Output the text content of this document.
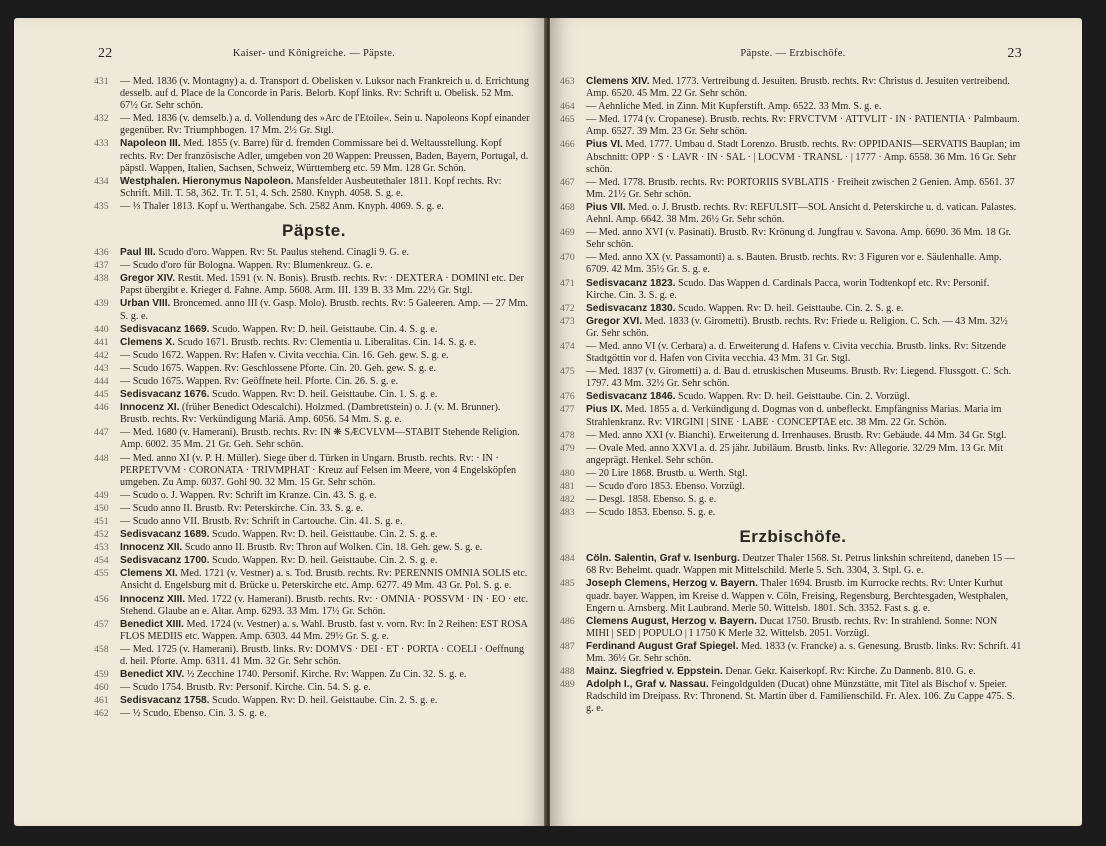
22	Kaiser- und Königreiche. — Päpste.
431 — Med. 1836 (v. Montagny) a. d. Transport d. Obelisken v. Luksor nach Frankreich u. d. Errichtung desselb. auf d. Place de la Concorde in Paris. Belorb. Kopf links. Rv: Schrift u. Obelisk. 52 Mm. 67½ Gr. Sehr schön.
432 — Med. 1836 (v. demselb.) a. d. Vollendung des »Arc de l'Etoile«. Sein u. Napoleons Kopf einander gegenüber. Rv: Triumphbogen. 17 Mm. 2½ Gr. Stgl.
433 Napoleon III. Med. 1855 (v. Barre) für d. fremden Commissare bei d. Weltausstellung. Kopf rechts. Rv: Der französische Adler, umgeben von 20 Wappen: Preussen, Baden, Bayern, Portugal, d. päpstl. Wappen, Italien, Sachsen, Schweiz, Württemberg etc. 59 Mm. 128 Gr. Schön.
434 Westphalen. Hieronymus Napoleon. Mansfelder Ausbeutethaler 1811. Kopf rechts. Rv: Schrift. Mill. T. 58, 362. Tr. T. 51, 4. Sch. 2580. Knyph. 4058. S. g. e.
435 — ⅓ Thaler 1813. Kopf u. Werthangabe. Sch. 2582 Anm. Knyph. 4069. S. g. e.
Päpste.
436 Paul III. Scudo d'oro. Wappen. Rv: St. Paulus stehend. Cinagli 9. G. e.
437 — Scudo d'oro für Bologna. Wappen. Rv: Blumenkreuz. G. e.
438 Gregor XIV. Restit. Med. 1591 (v. N. Bonis). Brustb. rechts. Rv: · DEXTERA · DOMINI etc. Der Papst übergibt e. Krieger d. Fahne. Amp. 5608. Arm. III. 139 B. 33 Mm. 22½ Gr. Stgl.
439 Urban VIII. Broncemed. anno III (v. Gasp. Molo). Brustb. rechts. Rv: 5 Galeeren. Amp. — 27 Mm. S. g. e.
440 Sedisvacanz 1669. Scudo. Wappen. Rv: D. heil. Geisttaube. Cin. 4. S. g. e.
441 Clemens X. Scudo 1671. Brustb. rechts. Rv: Clementia u. Liberalitas. Cin. 14. S. g. e.
442 — Scudo 1672. Wappen. Rv: Hafen v. Civita vecchia. Cin. 16. Geh. gew. S. g. e.
443 — Scudo 1675. Wappen. Rv: Geschlossene Pforte. Cin. 20. Geh. gew. S. g. e.
444 — Scudo 1675. Wappen. Rv: Geöffnete heil. Pforte. Cin. 26. S. g. e.
445 Sedisvacanz 1676. Scudo. Wappen. Rv: D. heil. Geisttaube. Cin. 1. S. g. e.
446 Innocenz XI. (früher Benedict Odescalchi). Holzmed. (Dambrettstein) o. J. (v. M. Brunner). Brustb. rechts. Rv: Verkündigung Mariä. Amp. 6056. 54 Mm. S. g. e.
447 — Med. 1680 (v. Hamerani). Brustb. rechts. Rv: IN ❋ SÆCVLVM—STABIT Stehende Religion. Amp. 6002. 35 Mm. 21 Gr. Geh. Sehr schön.
448 — Med. anno XI (v. P. H. Müller). Siege über d. Türken in Ungarn. Brustb. rechts. Rv: · IN · PERPETVVM · CORONATA · TRIVMPHAT · Kreuz auf Felsen im Meere, von 4 Engelsköpfen umgeben. Zu Amp. 6037. Gohl 90. 32 Mm. 15 Gr. Sehr schön.
449 — Scudo o. J. Wappen. Rv: Schrift im Kranze. Cin. 43. S. g. e.
450 — Scudo anno II. Brustb. Rv: Peterskirche. Cin. 33. S. g. e.
451 — Scudo anno VII. Brustb. Rv: Schrift in Cartouche. Cin. 41. S. g. e.
452 Sedisvacanz 1689. Scudo. Wappen. Rv: D. heil. Geisttaube. Cin. 2. S. g. e.
453 Innocenz XII. Scudo anno II. Brustb. Rv: Thron auf Wolken. Cin. 18. Geh. gew. S. g. e.
454 Sedisvacanz 1700. Scudo. Wappen. Rv: D. heil. Geisttaube. Cin. 2. S. g. e.
455 Clemens XI. Med. 1721 (v. Vestner) a. s. Tod. Brustb. rechts. Rv: PERENNIS OMNIA SOLIS etc. Ansicht d. Engelsburg mit d. Brücke u. Peterskirche etc. Amp. 6277. 49 Mm. 43 Gr. Pol. S. g. e.
456 Innocenz XIII. Med. 1722 (v. Hamerani). Brustb. rechts. Rv: · OMNIA · POSSVM · IN · EO · etc. Stehend. Glaube an e. Altar. Amp. 6293. 33 Mm. 17½ Gr. Schön.
457 Benedict XIII. Med. 1724 (v. Vestner) a. s. Wahl. Brustb. fast v. vorn. Rv: In 2 Reihen: EST ROSA FLOS MEDIIS etc. Wappen. Amp. 6303. 44 Mm. 29½ Gr. S. g. e.
458 — Med. 1725 (v. Hamerani). Brustb. links. Rv: DOMVS · DEI · ET · PORTA · COELI · Oeffnung d. heil. Pforte. Amp. 6311. 41 Mm. 32 Gr. Sehr schön.
459 Benedict XIV. ½ Zecchine 1740. Personif. Kirche. Rv: Wappen. Zu Cin. 32. S. g. e.
460 — Scudo 1754. Brustb. Rv: Personif. Kirche. Cin. 54. S. g. e.
461 Sedisvacanz 1758. Scudo. Wappen. Rv: D. heil. Geisttaube. Cin. 2. S. g. e.
462 — ½ Scudo. Ebenso. Cin. 3. S. g. e.
Päpste. — Erzbischöfe.	23
463 Clemens XIV. Med. 1773. Vertreibung d. Jesuiten. Brustb. rechts. Rv: Christus d. Jesuiten vertreibend. Amp. 6520. 45 Mm. 22 Gr. Sehr schön.
464 — Aehnliche Med. in Zinn. Mit Kupferstift. Amp. 6522. 33 Mm. S. g. e.
465 — Med. 1774 (v. Cropanese). Brustb. rechts. Rv: FRVCTVM · ATTVLIT · IN · PATIENTIA · Palmbaum. Amp. 6527. 39 Mm. 23 Gr. Sehr schön.
466 Pius VI. Med. 1777. Umbau d. Stadt Lorenzo. Brustb. rechts. Rv: OPPIDANIS—SERVATIS Bauplan; im Abschnitt: OPP · S · LAVR · IN · SAL · | LOCVM · TRANSL · | 1777 · Amp. 6558. 36 Mm. 16 Gr. Sehr schön.
467 — Med. 1778. Brustb. rechts. Rv: PORTORIIS SVBLATIS · Freiheit zwischen 2 Genien. Amp. 6561. 37 Mm. 21½ Gr. Sehr schön.
468 Pius VII. Med. o. J. Brustb. rechts. Rv: REFULSIT—SOL Ansicht d. Peterskirche u. d. vatican. Palastes. Aehnl. Amp. 6642. 38 Mm. 26½ Gr. Sehr schön.
469 — Med. anno XVI (v. Pasinati). Brustb. Rv: Krönung d. Jungfrau v. Savona. Amp. 6690. 36 Mm. 18 Gr. Sehr schön.
470 — Med. anno XX (v. Passamonti) a. s. Bauten. Brustb. rechts. Rv: 3 Figuren vor e. Säulenhalle. Amp. 6709. 42 Mm. 35½ Gr. S. g. e.
471 Sedisvacanz 1823. Scudo. Das Wappen d. Cardinals Pacca, worin Todtenkopf etc. Rv: Personif. Kirche. Cin. 3. S. g. e.
472 Sedisvacanz 1830. Scudo. Wappen. Rv: D. heil. Geisttaube. Cin. 2. S. g. e.
473 Gregor XVI. Med. 1833 (v. Girometti). Brustb. rechts. Rv: Friede u. Religion. C. Sch. — 43 Mm. 32½ Gr. Sehr schön.
474 — Med. anno VI (v. Cerbara) a. d. Erweiterung d. Hafens v. Civita vecchia. Brustb. links. Rv: Sitzende Stadtgöttin vor d. Hafen von Civita vecchia. 43 Mm. 31 Gr. Stgl.
475 — Med. 1837 (v. Girometti) a. d. Bau d. etruskischen Museums. Brustb. Rv: Liegend. Flussgott. C. Sch. 1797. 43 Mm. 32½ Gr. Sehr schön.
476 Sedisvacanz 1846. Scudo. Wappen. Rv: D. heil. Geisttaube. Cin. 2. Vorzügl.
477 Pius IX. Med. 1855 a. d. Verkündigung d. Dogmas von d. unbefleckt. Empfängniss Marias. Maria im Strahlenkranz. Rv: VIRGINI | SINE · LABE · CONCEPTAE etc. 38 Mm. 22 Gr. Schön.
478 — Med. anno XXI (v. Bianchi). Erweiterung d. Irrenhauses. Brustb. Rv: Gebäude. 44 Mm. 34 Gr. Stgl.
479 — Ovale Med. anno XXVI a. d. 25 jähr. Jubiläum. Brustb. links. Rv: Allegorie. 32/29 Mm. 13 Gr. Mit angeprägt. Henkel. Sehr schön.
480 — 20 Lire 1868. Brustb. u. Werth. Stgl.
481 — Scudo d'oro 1853. Ebenso. Vorzügl.
482 — Desgl. 1858. Ebenso. S. g. e.
483 — Scudo 1853. Ebenso. S. g. e.
Erzbischöfe.
484 Cöln. Salentin, Graf v. Isenburg. Deutzer Thaler 1568. St. Petrus linkshin schreitend, daneben 15 — 68 Rv: Behelmt. quadr. Wappen mit Mittelschild. Merle 5. Sch. 3304, 3. Stpl. G. e.
485 Joseph Clemens, Herzog v. Bayern. Thaler 1694. Brustb. im Kurrocke rechts. Rv: Unter Kurhut quadr. bayer. Wappen, im Kreise d. Wappen v. Cöln, Freising, Regensburg, Berchtesgaden, Westphalen, Engern u. Arnsberg. Mit Laubrand. Merle 50. Wittelsb. 1801. Sch. 3352. Fast s. g. e.
486 Clemens August, Herzog v. Bayern. Ducat 1750. Brustb. rechts. Rv: In strahlend. Sonne: NON MIHI | SED | POPULO | I 1750 K Merle 32. Wittelsb. 2051. Vorzügl.
487 Ferdinand August Graf Spiegel. Med. 1833 (v. Francke) a. s. Genesung. Brustb. links. Rv: Schrift. 41 Mm. 36½ Gr. Sehr schön.
488 Mainz. Siegfried v. Eppstein. Denar. Gekr. Kaiserkopf. Rv: Kirche. Zu Dannenb. 810. G. e.
489 Adolph I., Graf v. Nassau. Feingoldgulden (Ducat) ohne Münzstätte, mit Titel als Bischof v. Speier. Radschild im Dreipass. Rv: Thronend. St. Martin über d. Familienschild. Fr. Alex. 106. Zu Cappe 475. S. g. e.
